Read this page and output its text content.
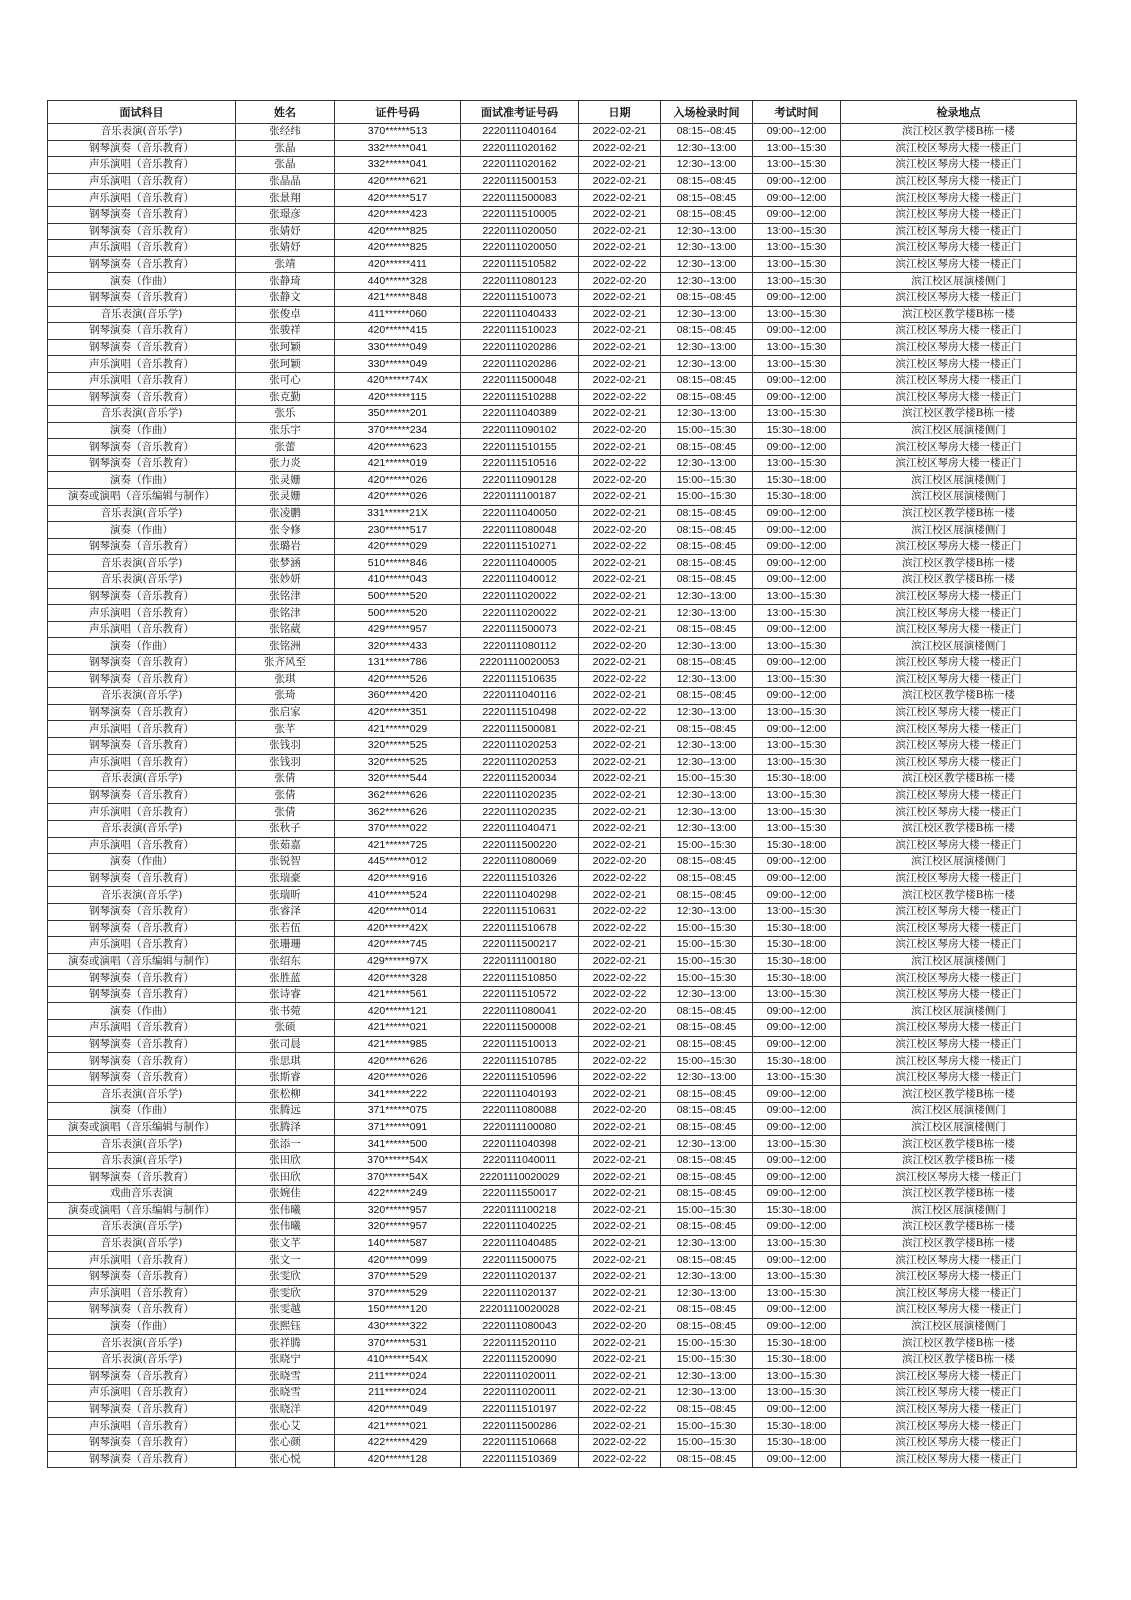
面试科目	姓名	证件号码	面试准考证号码	日期	入场检录时间	考试时间	检录地点
音乐表演(音乐学)	张经纬	370******513	2220111040164	2022-02-21	08:15--08:45	09:00--12:00	滨江校区教学楼B栋一楼
钢琴演奏（音乐教育）	张晶	332******041	2220111020162	2022-02-21	12:30--13:00	13:00--15:30	滨江校区琴房大楼一楼正门
声乐演唱（音乐教育）	张晶	332******041	2220111020162	2022-02-21	12:30--13:00	13:00--15:30	滨江校区琴房大楼一楼正门
声乐演唱（音乐教育）	张晶晶	420******621	2220111500153	2022-02-21	08:15--08:45	09:00--12:00	滨江校区琴房大楼一楼正门
声乐演唱（音乐教育）	张景翔	420******517	2220111500083	2022-02-21	08:15--08:45	09:00--12:00	滨江校区琴房大楼一楼正门
钢琴演奏（音乐教育）	张璟彦	420******423	2220111510005	2022-02-21	08:15--08:45	09:00--12:00	滨江校区琴房大楼一楼正门
钢琴演奏（音乐教育）	张婧妤	420******825	2220111020050	2022-02-21	12:30--13:00	13:00--15:30	滨江校区琴房大楼一楼正门
声乐演唱（音乐教育）	张婧妤	420******825	2220111020050	2022-02-21	12:30--13:00	13:00--15:30	滨江校区琴房大楼一楼正门
钢琴演奏（音乐教育）	张靖	420******411	2220111510582	2022-02-22	12:30--13:00	13:00--15:30	滨江校区琴房大楼一楼正门
演奏（作曲）	张静琦	440******328	2220111080123	2022-02-20	12:30--13:00	13:00--15:30	滨江校区展演楼侧门
钢琴演奏（音乐教育）	张静文	421******848	2220111510073	2022-02-21	08:15--08:45	09:00--12:00	滨江校区琴房大楼一楼正门
音乐表演(音乐学)	张俊卓	411******060	2220111040433	2022-02-21	12:30--13:00	13:00--15:30	滨江校区教学楼B栋一楼
钢琴演奏（音乐教育）	张骏祥	420******415	2220111510023	2022-02-21	08:15--08:45	09:00--12:00	滨江校区琴房大楼一楼正门
钢琴演奏（音乐教育）	张珂颖	330******049	2220111020286	2022-02-21	12:30--13:00	13:00--15:30	滨江校区琴房大楼一楼正门
声乐演唱（音乐教育）	张珂颖	330******049	2220111020286	2022-02-21	12:30--13:00	13:00--15:30	滨江校区琴房大楼一楼正门
声乐演唱（音乐教育）	张可心	420******74X	2220111500048	2022-02-21	08:15--08:45	09:00--12:00	滨江校区琴房大楼一楼正门
钢琴演奏（音乐教育）	张克勤	420******115	2220111510288	2022-02-22	08:15--08:45	09:00--12:00	滨江校区琴房大楼一楼正门
音乐表演(音乐学)	张乐	350******201	2220111040389	2022-02-21	12:30--13:00	13:00--15:30	滨江校区教学楼B栋一楼
演奏（作曲）	张乐宇	370******234	2220111090102	2022-02-20	15:00--15:30	15:30--18:00	滨江校区展演楼侧门
钢琴演奏（音乐教育）	张蕾	420******623	2220111510155	2022-02-21	08:15--08:45	09:00--12:00	滨江校区琴房大楼一楼正门
钢琴演奏（音乐教育）	张力炎	421******019	2220111510516	2022-02-22	12:30--13:00	13:00--15:30	滨江校区琴房大楼一楼正门
演奏（作曲）	张灵姗	420******026	2220111090128	2022-02-20	15:00--15:30	15:30--18:00	滨江校区展演楼侧门
演奏或演唱（音乐编辑与制作）	张灵姗	420******026	2220111100187	2022-02-21	15:00--15:30	15:30--18:00	滨江校区展演楼侧门
音乐表演(音乐学)	张凌鹏	331******21X	2220111040050	2022-02-21	08:15--08:45	09:00--12:00	滨江校区教学楼B栋一楼
演奏（作曲）	张令修	230******517	2220111080048	2022-02-20	08:15--08:45	09:00--12:00	滨江校区展演楼侧门
钢琴演奏（音乐教育）	张璐岩	420******029	2220111510271	2022-02-22	08:15--08:45	09:00--12:00	滨江校区琴房大楼一楼正门
音乐表演(音乐学)	张梦涵	510******846	2220111040005	2022-02-21	08:15--08:45	09:00--12:00	滨江校区教学楼B栋一楼
音乐表演(音乐学)	张妙妍	410******043	2220111040012	2022-02-21	08:15--08:45	09:00--12:00	滨江校区教学楼B栋一楼
钢琴演奏（音乐教育）	张铭津	500******520	2220111020022	2022-02-21	12:30--13:00	13:00--15:30	滨江校区琴房大楼一楼正门
声乐演唱（音乐教育）	张铭津	500******520	2220111020022	2022-02-21	12:30--13:00	13:00--15:30	滨江校区琴房大楼一楼正门
声乐演唱（音乐教育）	张铭葳	429******957	2220111500073	2022-02-21	08:15--08:45	09:00--12:00	滨江校区琴房大楼一楼正门
演奏（作曲）	张铭洲	320******433	2220111080112	2022-02-20	12:30--13:00	13:00--15:30	滨江校区展演楼侧门
钢琴演奏（音乐教育）	张齐风至	131******786	22201110020053	2022-02-21	08:15--08:45	09:00--12:00	滨江校区琴房大楼一楼正门
钢琴演奏（音乐教育）	张琪	420******526	2220111510635	2022-02-22	12:30--13:00	13:00--15:30	滨江校区琴房大楼一楼正门
音乐表演(音乐学)	张琦	360******420	2220111040116	2022-02-21	08:15--08:45	09:00--12:00	滨江校区教学楼B栋一楼
钢琴演奏（音乐教育）	张启家	420******351	2220111510498	2022-02-22	12:30--13:00	13:00--15:30	滨江校区琴房大楼一楼正门
声乐演唱（音乐教育）	张芊	421******029	2220111500081	2022-02-21	08:15--08:45	09:00--12:00	滨江校区琴房大楼一楼正门
钢琴演奏（音乐教育）	张钱羽	320******525	2220111020253	2022-02-21	12:30--13:00	13:00--15:30	滨江校区琴房大楼一楼正门
声乐演唱（音乐教育）	张钱羽	320******525	2220111020253	2022-02-21	12:30--13:00	13:00--15:30	滨江校区琴房大楼一楼正门
音乐表演(音乐学)	张倩	320******544	2220111520034	2022-02-21	15:00--15:30	15:30--18:00	滨江校区教学楼B栋一楼
钢琴演奏（音乐教育）	张倩	362******626	2220111020235	2022-02-21	12:30--13:00	13:00--15:30	滨江校区琴房大楼一楼正门
声乐演唱（音乐教育）	张倩	362******626	2220111020235	2022-02-21	12:30--13:00	13:00--15:30	滨江校区琴房大楼一楼正门
音乐表演(音乐学)	张秋子	370******022	2220111040471	2022-02-21	12:30--13:00	13:00--15:30	滨江校区教学楼B栋一楼
声乐演唱（音乐教育）	张茹嘉	421******725	2220111500220	2022-02-21	15:00--15:30	15:30--18:00	滨江校区琴房大楼一楼正门
演奏（作曲）	张锐智	445******012	2220111080069	2022-02-20	08:15--08:45	09:00--12:00	滨江校区展演楼侧门
钢琴演奏（音乐教育）	张瑞豪	420******916	2220111510326	2022-02-22	08:15--08:45	09:00--12:00	滨江校区琴房大楼一楼正门
音乐表演(音乐学)	张瑞昕	410******524	2220111040298	2022-02-21	08:15--08:45	09:00--12:00	滨江校区教学楼B栋一楼
钢琴演奏（音乐教育）	张睿泽	420******014	2220111510631	2022-02-22	12:30--13:00	13:00--15:30	滨江校区琴房大楼一楼正门
钢琴演奏（音乐教育）	张若伍	420******42X	2220111510678	2022-02-22	15:00--15:30	15:30--18:00	滨江校区琴房大楼一楼正门
声乐演唱（音乐教育）	张珊珊	420******745	2220111500217	2022-02-21	15:00--15:30	15:30--18:00	滨江校区琴房大楼一楼正门
演奏或演唱（音乐编辑与制作）	张绍东	429******97X	2220111100180	2022-02-21	15:00--15:30	15:30--18:00	滨江校区展演楼侧门
钢琴演奏（音乐教育）	张胜蓝	420******328	2220111510850	2022-02-22	15:00--15:30	15:30--18:00	滨江校区琴房大楼一楼正门
钢琴演奏（音乐教育）	张诗睿	421******561	2220111510572	2022-02-22	12:30--13:00	13:00--15:30	滨江校区琴房大楼一楼正门
演奏（作曲）	张书菀	420******121	2220111080041	2022-02-20	08:15--08:45	09:00--12:00	滨江校区展演楼侧门
声乐演唱（音乐教育）	张硕	421******021	2220111500008	2022-02-21	08:15--08:45	09:00--12:00	滨江校区琴房大楼一楼正门
钢琴演奏（音乐教育）	张司晨	421******985	2220111510013	2022-02-21	08:15--08:45	09:00--12:00	滨江校区琴房大楼一楼正门
钢琴演奏（音乐教育）	张思琪	420******626	2220111510785	2022-02-22	15:00--15:30	15:30--18:00	滨江校区琴房大楼一楼正门
钢琴演奏（音乐教育）	张斯睿	420******026	2220111510596	2022-02-22	12:30--13:00	13:00--15:30	滨江校区琴房大楼一楼正门
音乐表演(音乐学)	张松柳	341******222	2220111040193	2022-02-21	08:15--08:45	09:00--12:00	滨江校区教学楼B栋一楼
演奏（作曲）	张腾远	371******075	2220111080088	2022-02-20	08:15--08:45	09:00--12:00	滨江校区展演楼侧门
演奏或演唱（音乐编辑与制作）	张腾泽	371******091	2220111100080	2022-02-21	08:15--08:45	09:00--12:00	滨江校区展演楼侧门
音乐表演(音乐学)	张添一	341******500	2220111040398	2022-02-21	12:30--13:00	13:00--15:30	滨江校区教学楼B栋一楼
音乐表演(音乐学)	张田欣	370******54X	2220111040011	2022-02-21	08:15--08:45	09:00--12:00	滨江校区教学楼B栋一楼
钢琴演奏（音乐教育）	张田欣	370******54X	22201110020029	2022-02-21	08:15--08:45	09:00--12:00	滨江校区琴房大楼一楼正门
戏曲音乐表演	张婉佳	422******249	2220111550017	2022-02-21	08:15--08:45	09:00--12:00	滨江校区教学楼B栋一楼
演奏或演唱（音乐编辑与制作）	张伟曦	320******957	2220111100218	2022-02-21	15:00--15:30	15:30--18:00	滨江校区展演楼侧门
音乐表演(音乐学)	张伟曦	320******957	2220111040225	2022-02-21	08:15--08:45	09:00--12:00	滨江校区教学楼B栋一楼
音乐表演(音乐学)	张文芊	140******587	2220111040485	2022-02-21	12:30--13:00	13:00--15:30	滨江校区教学楼B栋一楼
声乐演唱（音乐教育）	张文一	420******099	2220111500075	2022-02-21	08:15--08:45	09:00--12:00	滨江校区琴房大楼一楼正门
钢琴演奏（音乐教育）	张雯欣	370******529	2220111020137	2022-02-21	12:30--13:00	13:00--15:30	滨江校区琴房大楼一楼正门
声乐演唱（音乐教育）	张雯欣	370******529	2220111020137	2022-02-21	12:30--13:00	13:00--15:30	滨江校区琴房大楼一楼正门
钢琴演奏（音乐教育）	张雯越	150******120	22201110020028	2022-02-21	08:15--08:45	09:00--12:00	滨江校区琴房大楼一楼正门
演奏（作曲）	张熙钰	430******322	2220111080043	2022-02-20	08:15--08:45	09:00--12:00	滨江校区展演楼侧门
音乐表演(音乐学)	张祥腾	370******531	2220111520110	2022-02-21	15:00--15:30	15:30--18:00	滨江校区教学楼B栋一楼
音乐表演(音乐学)	张晓宁	410******54X	2220111520090	2022-02-21	15:00--15:30	15:30--18:00	滨江校区教学楼B栋一楼
钢琴演奏（音乐教育）	张晓雪	211******024	2220111020011	2022-02-21	12:30--13:00	13:00--15:30	滨江校区琴房大楼一楼正门
声乐演唱（音乐教育）	张晓雪	211******024	2220111020011	2022-02-21	12:30--13:00	13:00--15:30	滨江校区琴房大楼一楼正门
钢琴演奏（音乐教育）	张晓洋	420******049	2220111510197	2022-02-22	08:15--08:45	09:00--12:00	滨江校区琴房大楼一楼正门
声乐演唱（音乐教育）	张心艾	421******021	2220111500286	2022-02-21	15:00--15:30	15:30--18:00	滨江校区琴房大楼一楼正门
钢琴演奏（音乐教育）	张心颜	422******429	2220111510668	2022-02-22	15:00--15:30	15:30--18:00	滨江校区琴房大楼一楼正门
钢琴演奏（音乐教育）	张心悦	420******128	2220111510369	2022-02-22	08:15--08:45	09:00--12:00	滨江校区琴房大楼一楼正门
